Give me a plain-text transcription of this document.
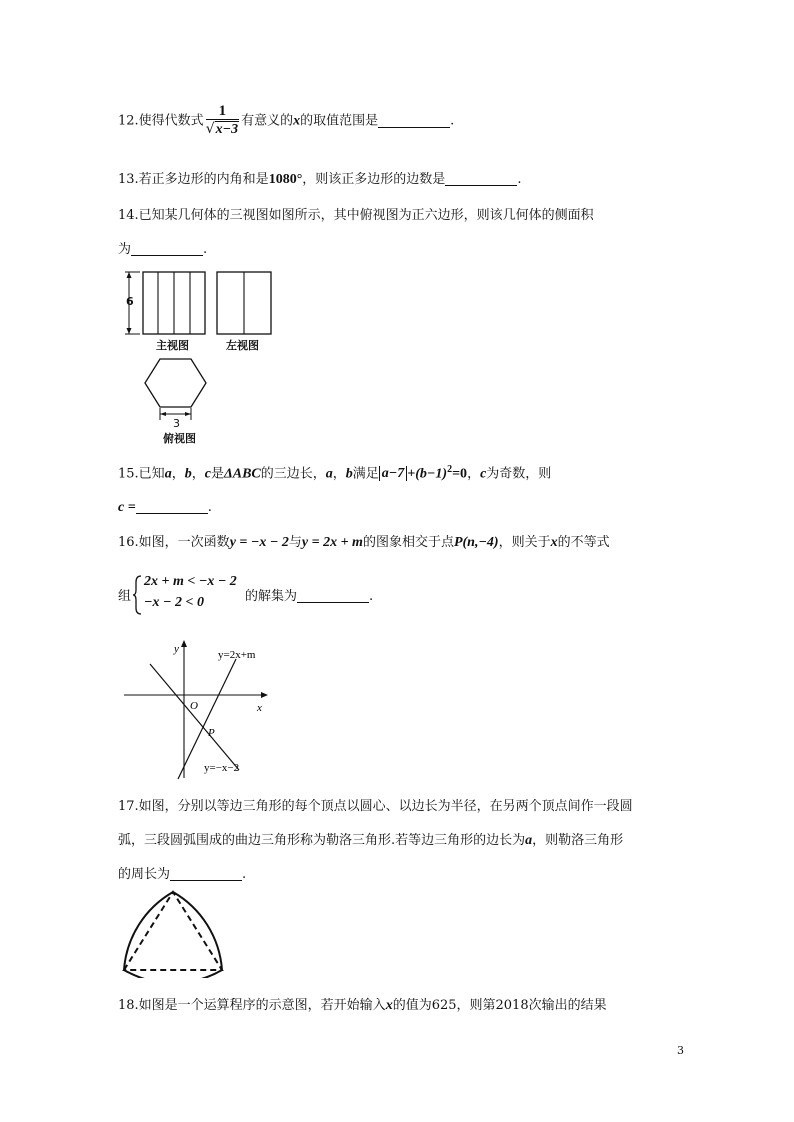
12.使得代数式 $\frac{1}{√x-3}$ 有意义的x的取值范围是	.
13.若正多边形的内角和是1080°，则该正多边形的边数是	.
14.已知某几何体的三视图如图所示，其中俯视图为正六边形，则该几何体的侧面积
为	.
6
3
主视图	左视图
俯视图
15.已知a，b，c是ΔABC的三边长，a，b满足 $a-7 +(b-1)^2=0$，c为奇数，则
c =	.
16.如图，一次函数y = −x − 2与y = 2x + m的图象相交于点P(n,−4)，则关于x的不等式
组
2x + m < −x − 2
−x − 2 < 0	的解集为	.
y
x
O
P
y=2x+m
y=−x−2
17.如图，分别以等边三角形的每个顶点以圆心、以边长为半径，在另两个顶点间作一段圆
弧，三段圆弧围成的曲边三角形称为勒洛三角形.若等边三角形的边长为a，则勒洛三角形
的周长为	.
18.如图是一个运算程序的示意图，若开始输入x的值为625，则第2018次输出的结果
3
